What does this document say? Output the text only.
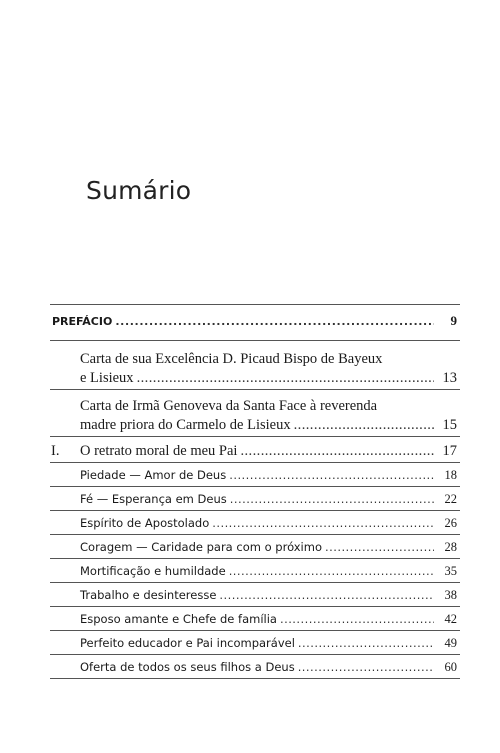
Sumário
PREFÁCIO . . .	9
Carta de sua Excelência D. Picaud Bispo de Bayeux
e Lisieux . . .	13
Carta de Irmã Genoveva da Santa Face à reverenda
madre priora do Carmelo de Lisieux . . .	15
I. O retrato moral de meu Pai . . .	17
Piedade — Amor de Deus . . .	18
Fé — Esperança em Deus . . .	22
Espírito de Apostolado . . .	26
Coragem — Caridade para com o próximo . . .	28
Mortificação e humildade . . .	35
Trabalho e desinteresse . . .	38
Esposo amante e Chefe de família . . .	42
Perfeito educador e Pai incomparável . . .	49
Oferta de todos os seus filhos a Deus . . .	60
